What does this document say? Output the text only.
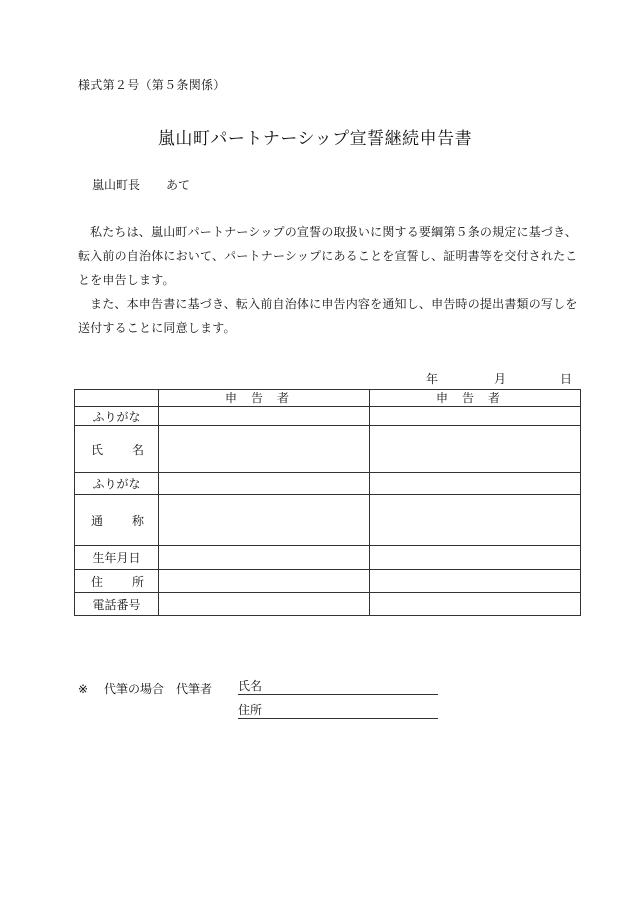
様式第２号（第５条関係）
嵐山町パートナーシップ宣誓継続申告書
嵐山町長 あて

私たちは、嵐山町パートナーシップの宣誓の取扱いに関する要綱第５条の規定に基づき、転入前の自治体において、パートナーシップにあることを宣誓し、証明書等を交付されたことを申告します。

また、本申告書に基づき、転入前自治体に申告内容を通知し、申告時の提出書類の写しを送付することに同意します。

年	月	日
	申告者	申告者
ふりがな		

氏 名		

ふりがな		

通 称		

生年月日		

住 所		

電話番号		
※ 代筆の場合 代筆者 氏名
住所
